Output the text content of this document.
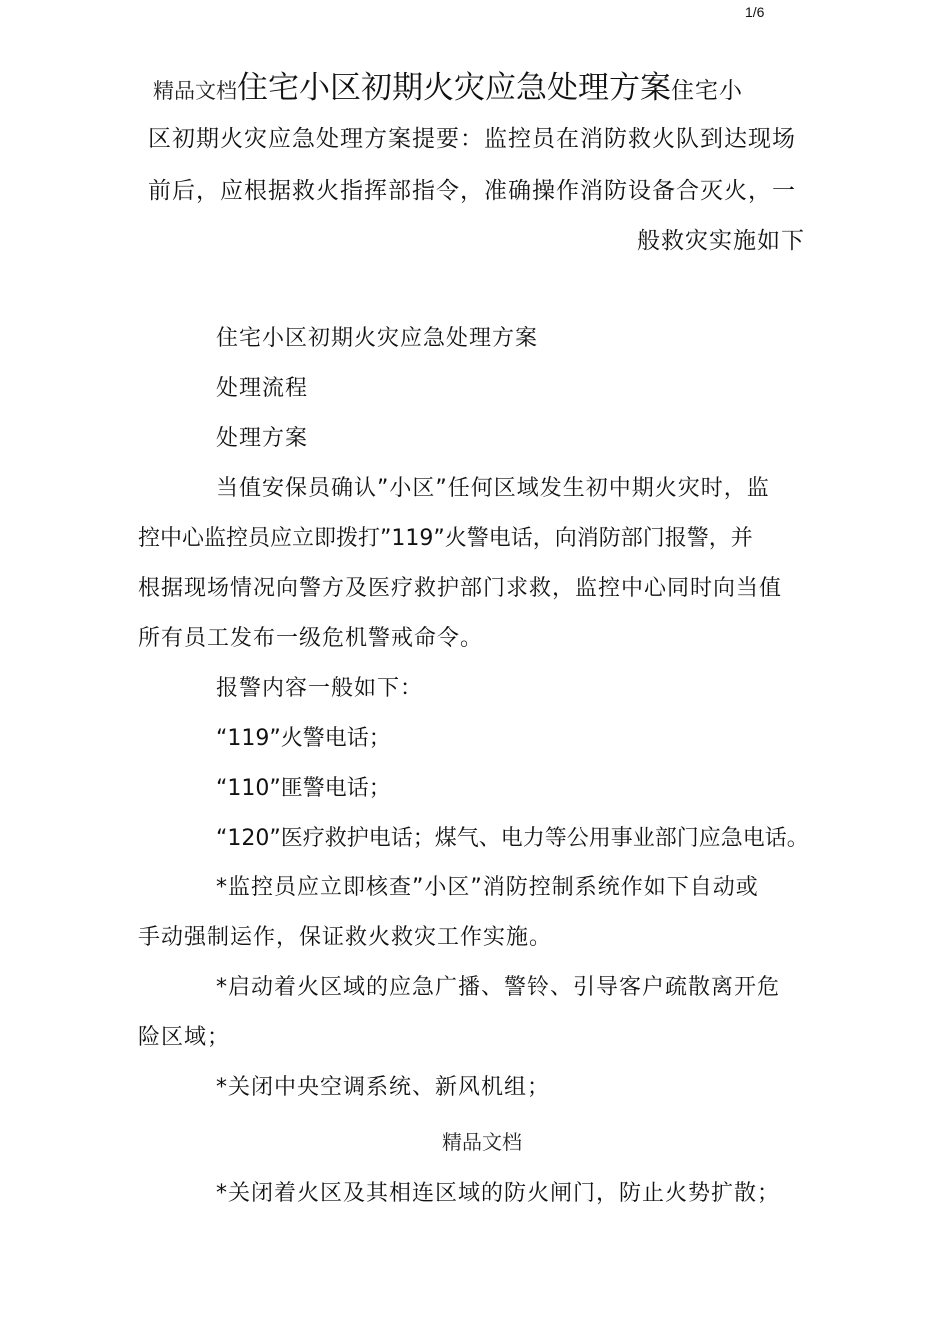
1/6
精品文档住宅小区初期火灾应急处理方案住宅小
区初期火灾应急处理方案提要：监控员在消防救火队到达现场
前后，应根据救火指挥部指令，准确操作消防设备合灭火，一
般救灾实施如下
住宅小区初期火灾应急处理方案
处理流程
处理方案
当值安保员确认”小区”任何区域发生初中期火灾时，监
控中心监控员应立即拨打”119”火警电话，向消防部门报警，并
根据现场情况向警方及医疗救护部门求救，监控中心同时向当值
所有员工发布一级危机警戒命令。
报警内容一般如下：
“119”火警电话；
“110”匪警电话；
“120”医疗救护电话；煤气、电力等公用事业部门应急电话。
*监控员应立即核查”小区”消防控制系统作如下自动或
手动强制运作，保证救火救灾工作实施。
*启动着火区域的应急广播、警铃、引导客户疏散离开危
险区域；
*关闭中央空调系统、新风机组；
精品文档
*关闭着火区及其相连区域的防火闸门，防止火势扩散；
